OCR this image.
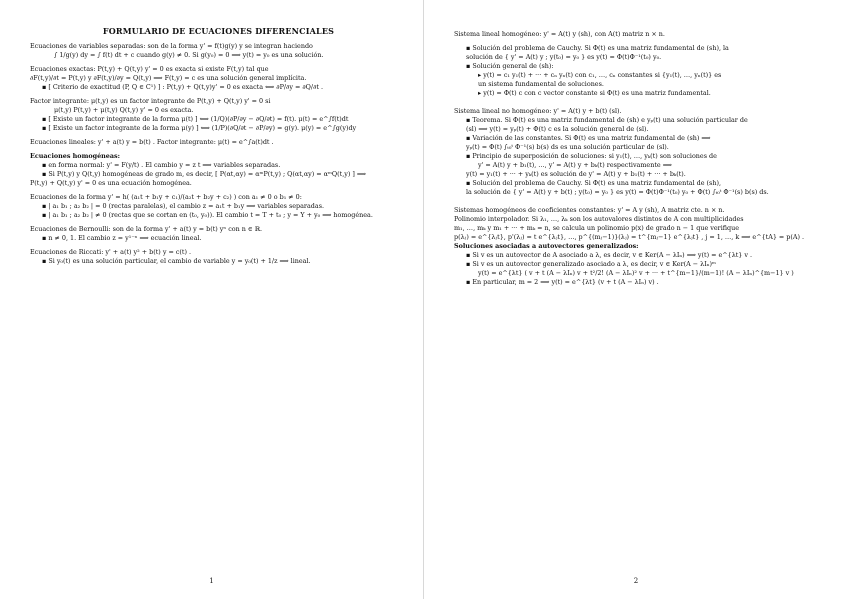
FORMULARIO DE ECUACIONES DIFERENCIALES
Ecuaciones de variables separadas: son de la forma y' = f(t)g(y) y se integran haciendo
∫ 1/g(y) dy = ∫ f(t) dt + c cuando g(y) ≠ 0. Si g(y₀) = 0 ⟹ y(t) = y₀ es una solución.
Ecuaciones exactas: P(t,y) + Q(t,y) y' = 0 es exacta si existe F(t,y) tal que
∂F(t,y)/∂t = P(t,y) y ∂F(t,y)/∂y = Q(t,y) ⟹ F(t,y) = c es una solución general implícita.
▪ [ Criterio de exactitud (P, Q ∈ C¹) ] : P(t,y) + Q(t,y)y' = 0 es exacta ⟺ ∂P/∂y = ∂Q/∂t .
Factor integrante: μ(t,y) es un factor integrante de P(t,y) + Q(t,y) y' = 0 si
μ(t,y) P(t,y) + μ(t,y) Q(t,y) y' = 0 es exacta.
▪ [ Existe un factor integrante de la forma μ(t) ] ⟺ (1/Q)(∂P/∂y − ∂Q/∂t) = f(t). μ(t) = e^∫f(t)dt
▪ [ Existe un factor integrante de la forma μ(y) ] ⟺ (1/P)(∂Q/∂t − ∂P/∂y) = g(y). μ(y) = e^∫g(y)dy
Ecuaciones lineales: y' + a(t) y = b(t) . Factor integrante: μ(t) = e^∫a(t)dt .
Ecuaciones homogéneas:
▪ en forma normal: y' = F(y/t) . El cambio y = z t ⟹ variables separadas.
▪ Si P(t,y) y Q(t,y) homogéneas de grado m, es decir, [ P(αt,αy) = αᵐP(t,y) ; Q(αt,αy) = αᵐQ(t,y) ] ⟹
P(t,y) + Q(t,y) y' = 0 es una ecuación homogénea.
Ecuaciones de la forma y' = h( (a₁t + b₁y + c₁)/(a₂t + b₂y + c₂) ) con a₁ ≠ 0 o b₁ ≠ 0:
▪ | a₁ b₁ ; a₂ b₂ | = 0 (rectas paralelas), el cambio z = a₁t + b₁y ⟹ variables separadas.
▪ | a₁ b₁ ; a₂ b₂ | ≠ 0 (rectas que se cortan en (t₀, y₀)). El cambio t = T + t₀ ; y = Y + y₀ ⟹ homogénea.
Ecuaciones de Bernoulli: son de la forma y' + a(t) y = b(t) yⁿ con n ∈ ℝ.
▪ n ≠ 0, 1. El cambio z = y¹⁻ⁿ ⟹ ecuación lineal.
Ecuaciones de Riccati: y' + a(t) y² + b(t) y = c(t) .
▪ Si y₀(t) es una solución particular, el cambio de variable y = y₀(t) + 1/z ⟹ lineal.
1
Sistema lineal homogéneo: y' = A(t) y (sh), con A(t) matriz n × n.
▪ Solución del problema de Cauchy. Si Φ(t) es una matriz fundamental de (sh), la
solución de { y' = A(t) y ; y(t₀) = y₀ } es y(t) = Φ(t)Φ⁻¹(t₀) y₀.
▪ Solución general de (sh):
▸ y(t) = c₁ y₁(t) + ··· + cₙ yₙ(t) con c₁, …, cₙ constantes si {y₁(t), …, yₙ(t)} es
un sistema fundamental de soluciones.
▸ y(t) = Φ(t) c con c vector constante si Φ(t) es una matriz fundamental.
Sistema lineal no homogéneo: y' = A(t) y + b(t) (sl).
▪ Teorema. Si Φ(t) es una matriz fundamental de (sh) e yₚ(t) una solución particular de
(sl) ⟹ y(t) = yₚ(t) + Φ(t) c es la solución general de (sl).
▪ Variación de las constantes. Si Φ(t) es una matriz fundamental de (sh) ⟹
yₚ(t) = Φ(t) ∫ₜ₀ᵗ Φ⁻¹(s) b(s) ds es una solución particular de (sl).
▪ Principio de superposición de soluciones: si y₁(t), …, yₖ(t) son soluciones de
y' = A(t) y + b₁(t), …, y' = A(t) y + bₖ(t) respectivamente ⟹
y(t) = y₁(t) + ··· + yₖ(t) es solución de y' = A(t) y + b₁(t) + ··· + bₖ(t).
▪ Solución del problema de Cauchy. Si Φ(t) es una matriz fundamental de (sh),
la solución de { y' = A(t) y + b(t) ; y(t₀) = y₀ } es y(t) = Φ(t)Φ⁻¹(t₀) y₀ + Φ(t) ∫ₜ₀ᵗ Φ⁻¹(s) b(s) ds.
Sistemas homogéneos de coeficientes constantes: y' = A y (sh), A matriz cte. n × n.
Polinomio interpolador. Si λ₁, …, λₖ son los autovalores distintos de A con multiplicidades
m₁, …, mₖ y m₁ + ··· + mₖ = n, se calcula un polinomio p(x) de grado n − 1 que verifique
p(λⱼ) = e^{λⱼt}, p'(λⱼ) = t e^{λⱼt}, …, p^{(mⱼ−1)}(λⱼ) = t^{mⱼ−1} e^{λⱼt} , j = 1, …, k ⟹ e^{tA} = p(A) .
Soluciones asociadas a autovectores generalizados:
▪ Si v es un autovector de A asociado a λ, es decir, v ∈ Ker(A − λIₙ) ⟹ y(t) = e^{λt} v .
▪ Si v es un autovector generalizado asociado a λ, es decir, v ∈ Ker(A − λIₙ)ᵐ
y(t) = e^{λt} ( v + t (A − λIₙ) v + t²/2! (A − λIₙ)² v + ··· + t^{m−1}/(m−1)! (A − λIₙ)^{m−1} v )
▪ En particular, m = 2 ⟹ y(t) = e^{λt} (v + t (A − λIₙ) v) .
2
